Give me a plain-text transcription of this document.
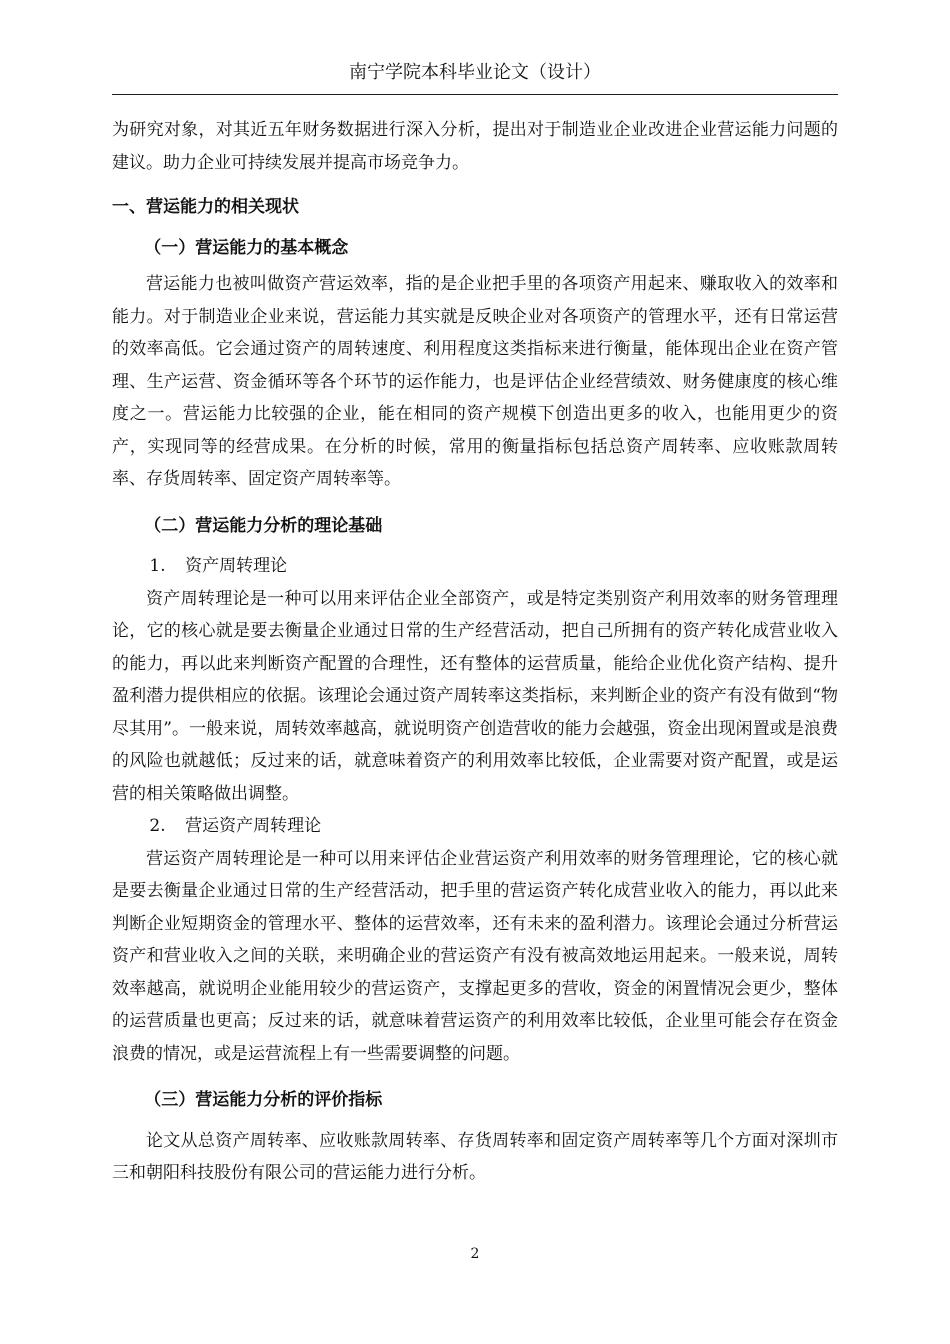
南宁学院本科毕业论文（设计）

为研究对象，对其近五年财务数据进行深入分析，提出对于制造业企业改进企业营运能力问题的建议。助力企业可持续发展并提高市场竞争力。

一、营运能力的相关现状

（一）营运能力的基本概念

营运能力也被叫做资产营运效率，指的是企业把手里的各项资产用起来、赚取收入的效率和能力。对于制造业企业来说，营运能力其实就是反映企业对各项资产的管理水平，还有日常运营的效率高低。它会通过资产的周转速度、利用程度这类指标来进行衡量，能体现出企业在资产管理、生产运营、资金循环等各个环节的运作能力，也是评估企业经营绩效、财务健康度的核心维度之一。营运能力比较强的企业，能在相同的资产规模下创造出更多的收入，也能用更少的资产，实现同等的经营成果。在分析的时候，常用的衡量指标包括总资产周转率、应收账款周转率、存货周转率、固定资产周转率等。

（二）营运能力分析的理论基础

1. 资产周转理论

资产周转理论是一种可以用来评估企业全部资产，或是特定类别资产利用效率的财务管理理论，它的核心就是要去衡量企业通过日常的生产经营活动，把自己所拥有的资产转化成营业收入的能力，再以此来判断资产配置的合理性，还有整体的运营质量，能给企业优化资产结构、提升盈利潜力提供相应的依据。该理论会通过资产周转率这类指标，来判断企业的资产有没有做到“物尽其用”。一般来说，周转效率越高，就说明资产创造营收的能力会越强，资金出现闲置或是浪费的风险也就越低；反过来的话，就意味着资产的利用效率比较低，企业需要对资产配置，或是运营的相关策略做出调整。

2. 营运资产周转理论

营运资产周转理论是一种可以用来评估企业营运资产利用效率的财务管理理论，它的核心就是要去衡量企业通过日常的生产经营活动，把手里的营运资产转化成营业收入的能力，再以此来判断企业短期资金的管理水平、整体的运营效率，还有未来的盈利潜力。该理论会通过分析营运资产和营业收入之间的关联，来明确企业的营运资产有没有被高效地运用起来。一般来说，周转效率越高，就说明企业能用较少的营运资产，支撑起更多的营收，资金的闲置情况会更少，整体的运营质量也更高；反过来的话，就意味着营运资产的利用效率比较低，企业里可能会存在资金浪费的情况，或是运营流程上有一些需要调整的问题。

（三）营运能力分析的评价指标

论文从总资产周转率、应收账款周转率、存货周转率和固定资产周转率等几个方面对深圳市三和朝阳科技股份有限公司的营运能力进行分析。

2
